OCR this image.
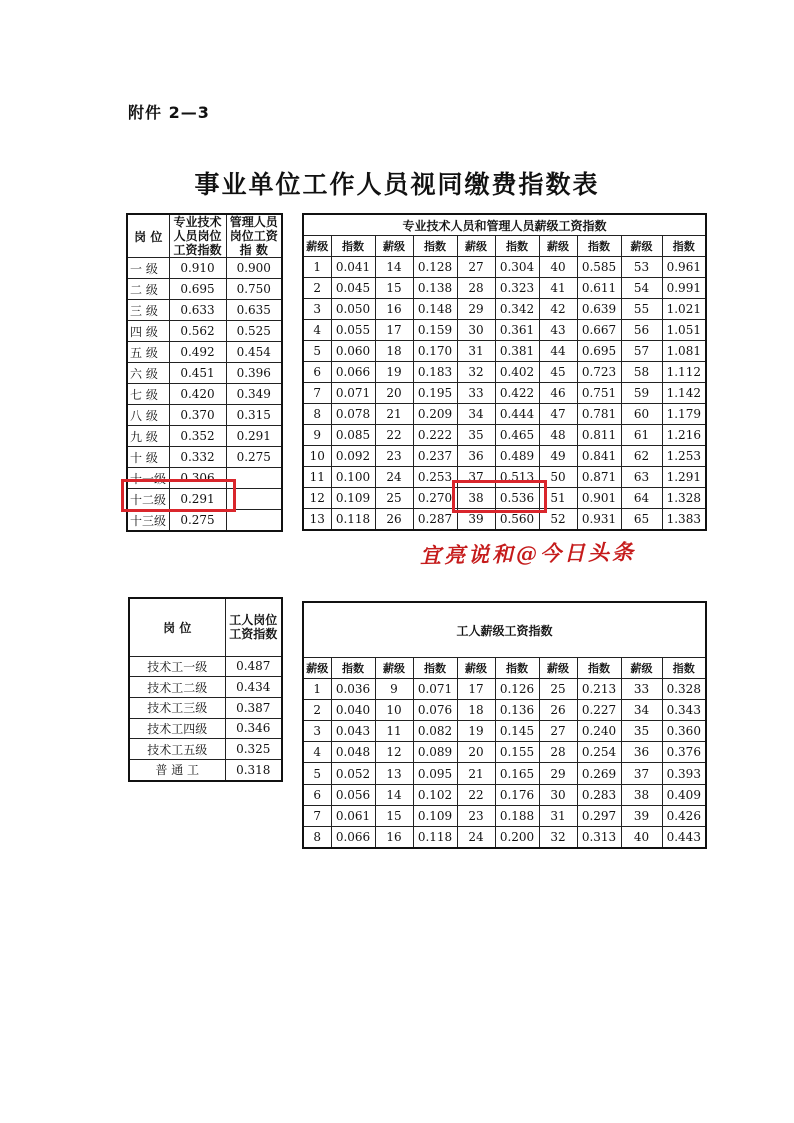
附件 2—3
事业单位工作人员视同缴费指数表
岗 位	专业技术人员岗位工资指数	管理人员岗位工资指 数
一 级	0.910	0.900
二 级	0.695	0.750
三 级	0.633	0.635
四 级	0.562	0.525
五 级	0.492	0.454
六 级	0.451	0.396
七 级	0.420	0.349
八 级	0.370	0.315
九 级	0.352	0.291
十 级	0.332	0.275
十一级	0.306	
十二级	0.291	
十三级	0.275	
专业技术人员和管理人员薪级工资指数									
薪级	指数	薪级	指数	薪级	指数	薪级	指数	薪级	指数
1	0.041	14	0.128	27	0.304	40	0.585	53	0.961
2	0.045	15	0.138	28	0.323	41	0.611	54	0.991
3	0.050	16	0.148	29	0.342	42	0.639	55	1.021
4	0.055	17	0.159	30	0.361	43	0.667	56	1.051
5	0.060	18	0.170	31	0.381	44	0.695	57	1.081
6	0.066	19	0.183	32	0.402	45	0.723	58	1.112
7	0.071	20	0.195	33	0.422	46	0.751	59	1.142
8	0.078	21	0.209	34	0.444	47	0.781	60	1.179
9	0.085	22	0.222	35	0.465	48	0.811	61	1.216
10	0.092	23	0.237	36	0.489	49	0.841	62	1.253
11	0.100	24	0.253	37	0.513	50	0.871	63	1.291
12	0.109	25	0.270	38	0.536	51	0.901	64	1.328
13	0.118	26	0.287	39	0.560	52	0.931	65	1.383
岗 位	工人岗位工资指数
技术工一级	0.487
技术工二级	0.434
技术工三级	0.387
技术工四级	0.346
技术工五级	0.325
普 通 工	0.318
工人薪级工资指数									
薪级	指数	薪级	指数	薪级	指数	薪级	指数	薪级	指数
1	0.036	9	0.071	17	0.126	25	0.213	33	0.328
2	0.040	10	0.076	18	0.136	26	0.227	34	0.343
3	0.043	11	0.082	19	0.145	27	0.240	35	0.360
4	0.048	12	0.089	20	0.155	28	0.254	36	0.376
5	0.052	13	0.095	21	0.165	29	0.269	37	0.393
6	0.056	14	0.102	22	0.176	30	0.283	38	0.409
7	0.061	15	0.109	23	0.188	31	0.297	39	0.426
8	0.066	16	0.118	24	0.200	32	0.313	40	0.443
宜亮说和@今日头条
